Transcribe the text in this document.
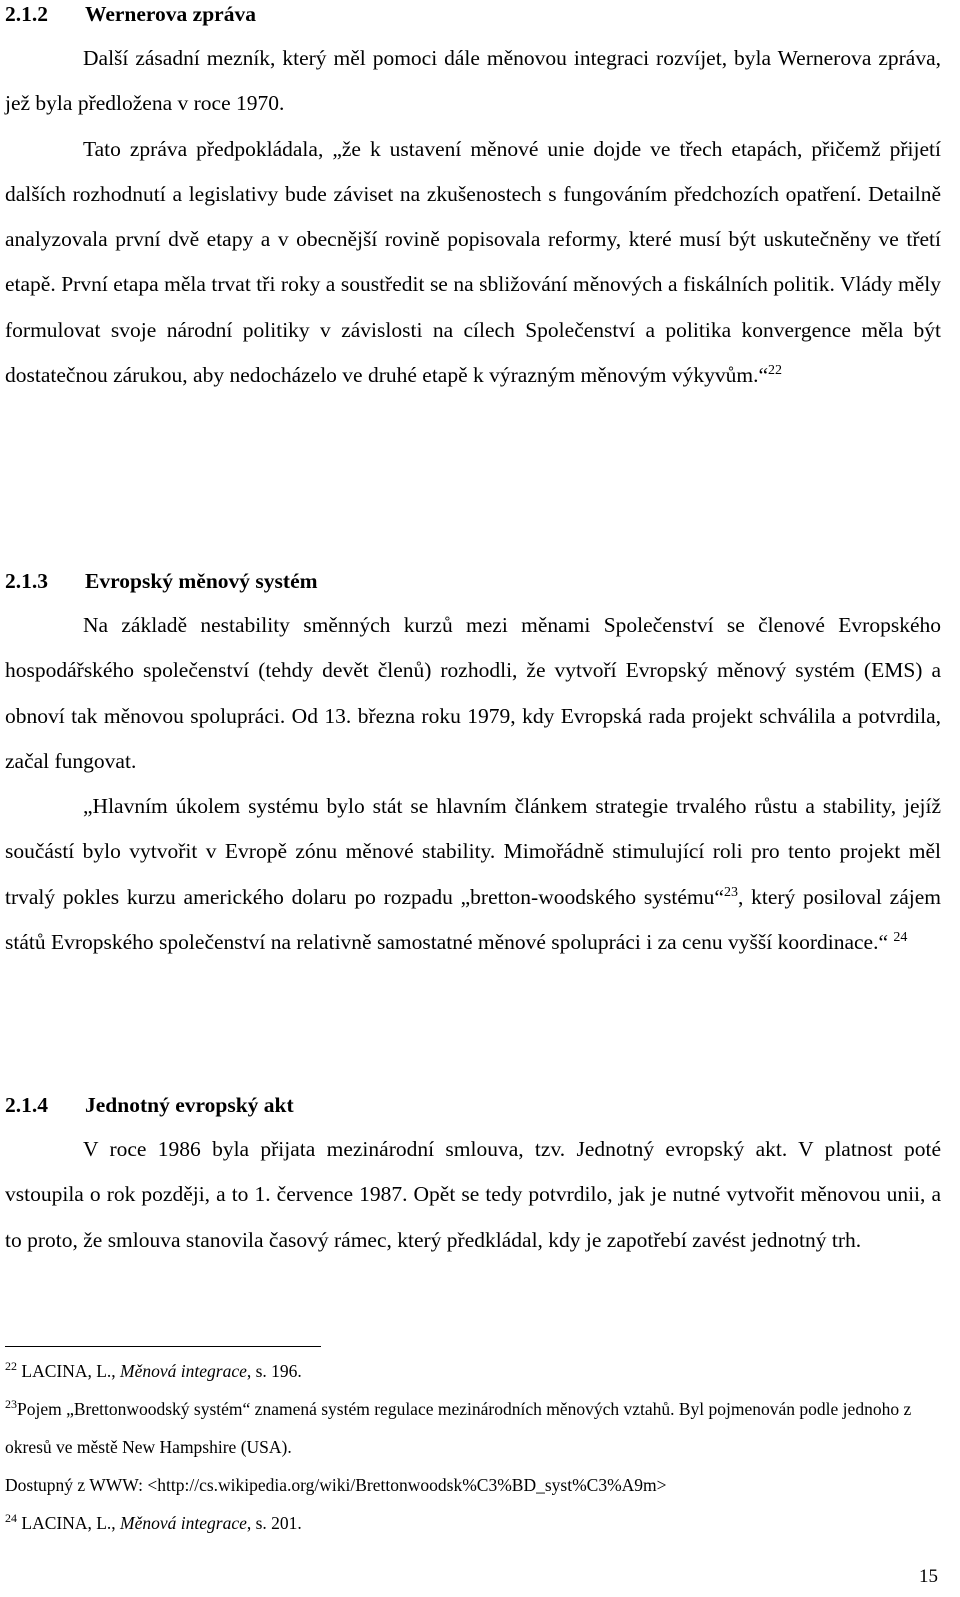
2.1.2 Wernerova zpráva

Další zásadní mezník, který měl pomoci dále měnovou integraci rozvíjet, byla Wernerova zpráva, jež byla předložena v roce 1970.

Tato zpráva předpokládala, „že k ustavení měnové unie dojde ve třech etapách, přičemž přijetí dalších rozhodnutí a legislativy bude záviset na zkušenostech s fungováním předchozích opatření. Detailně analyzovala první dvě etapy a v obecnější rovině popisovala reformy, které musí být uskutečněny ve třetí etapě. První etapa měla trvat tři roky a soustředit se na sbližování měnových a fiskálních politik. Vlády měly formulovat svoje národní politiky v závislosti na cílech Společenství a politika konvergence měla být dostatečnou zárukou, aby nedocházelo ve druhé etapě k výrazným měnovým výkyvům.“$^{22}$

2.1.3 Evropský měnový systém

Na základě nestability směnných kurzů mezi měnami Společenství se členové Evropského hospodářského společenství (tehdy devět členů) rozhodli, že vytvoří Evropský měnový systém (EMS) a obnoví tak měnovou spolupráci. Od 13. března roku 1979, kdy Evropská rada projekt schválila a potvrdila, začal fungovat.

„Hlavním úkolem systému bylo stát se hlavním článkem strategie trvalého růstu a stability, jejíž součástí bylo vytvořit v Evropě zónu měnové stability. Mimořádně stimulující roli pro tento projekt měl trvalý pokles kurzu amerického dolaru po rozpadu „bretton-woodského systému“$^{23}$, který posiloval zájem států Evropského společenství na relativně samostatné měnové spolupráci i za cenu vyšší koordinace.“ $^{24}$

2.1.4 Jednotný evropský akt

V roce 1986 byla přijata mezinárodní smlouva, tzv. Jednotný evropský akt. V platnost poté vstoupila o rok později, a to 1. července 1987. Opět se tedy potvrdilo, jak je nutné vytvořit měnovou unii, a to proto, že smlouva stanovila časový rámec, který předkládal, kdy je zapotřebí zavést jednotný trh.

$^{22}$ LACINA, L., Měnová integrace, s. 196.

$^{23}$Pojem „Brettonwoodský systém“ znamená systém regulace mezinárodních měnových vztahů. Byl pojmenován podle jednoho z okresů ve městě New Hampshire (USA).

Dostupný z WWW: <http://cs.wikipedia.org/wiki/Brettonwoodsk%C3%BD_syst%C3%A9m>

$^{24}$ LACINA, L., Měnová integrace, s. 201.

15
